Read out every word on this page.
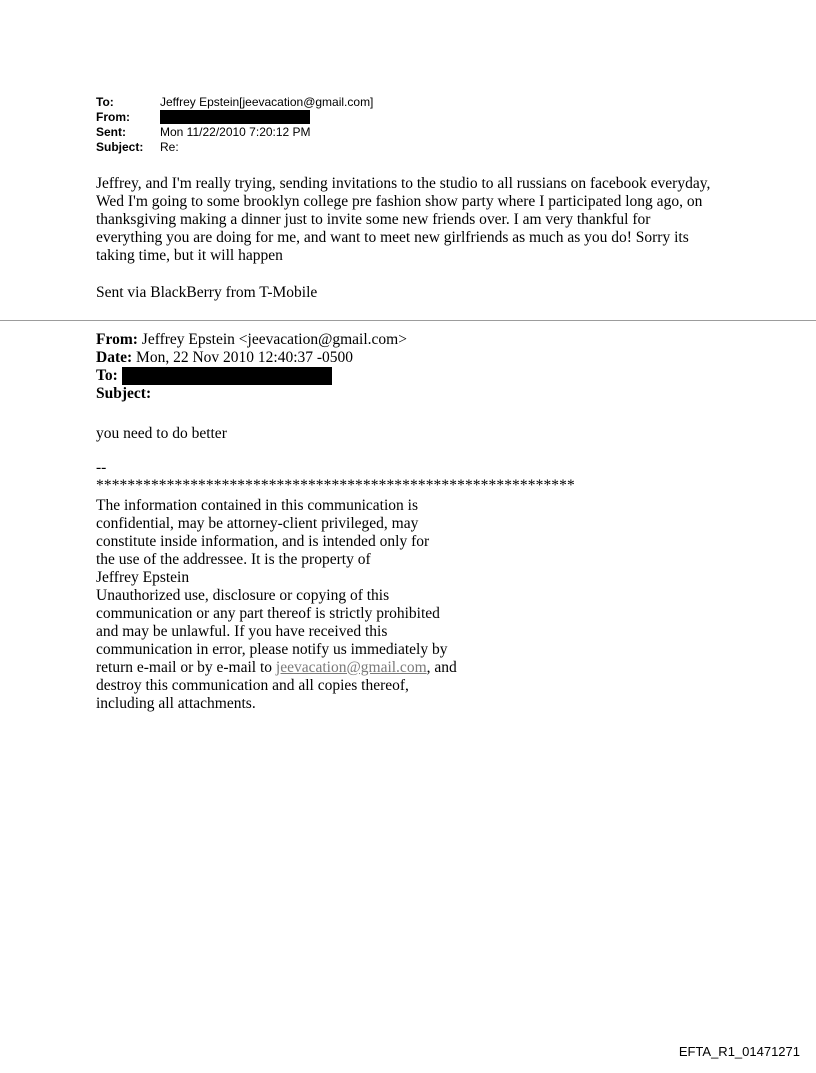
To:	Jeffrey Epstein[jeevacation@gmail.com]
From:
Sent:	Mon 11/22/2010 7:20:12 PM
Subject:	Re:
Jeffrey, and I'm really trying, sending invitations to the studio to all russians on facebook everyday, Wed I'm going to some brooklyn college pre fashion show party where I participated long ago, on thanksgiving making a dinner just to invite some new friends over. I am very thankful for everything you are doing for me, and want to meet new girlfriends as much as you do! Sorry its taking time, but it will happen
Sent via BlackBerry from T-Mobile
From: Jeffrey Epstein <jeevacation@gmail.com>
Date: Mon, 22 Nov 2010 12:40:37 -0500
To:
Subject:
you need to do better
--
*************************************************************
The information contained in this communication is
confidential, may be attorney-client privileged, may
constitute inside information, and is intended only for
the use of the addressee. It is the property of
Jeffrey Epstein
Unauthorized use, disclosure or copying of this
communication or any part thereof is strictly prohibited
and may be unlawful. If you have received this
communication in error, please notify us immediately by
return e-mail or by e-mail to jeevacation@gmail.com, and
destroy this communication and all copies thereof,
including all attachments.
EFTA_R1_01471271
